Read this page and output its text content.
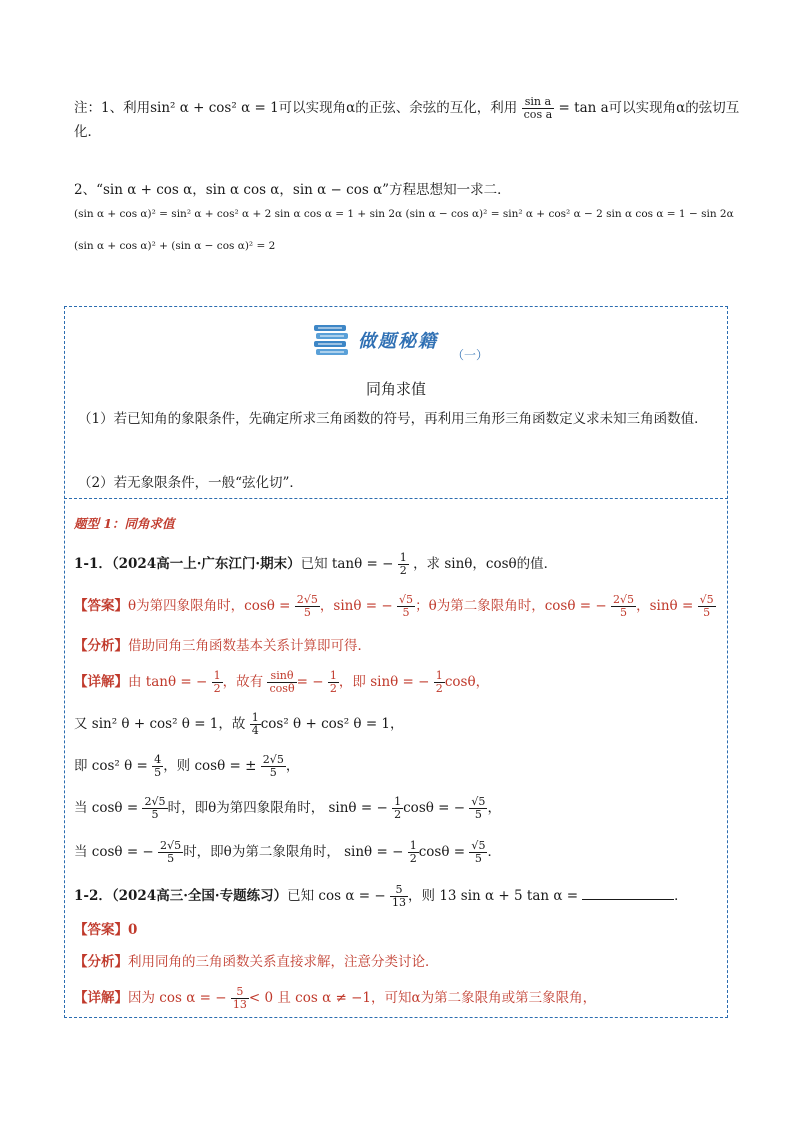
注：1、利用sin² α + cos² α = 1可以实现角α的正弦、余弦的互化，利用 $\frac{\text{sin a}}{\text{cos a}} = \tan a$可以实现角α的弦切互
化．
2、“sin α + cos α，sin α cos α，sin α − cos α”方程思想知一求二．
(sin α + cos α)² = sin² α + cos² α + 2 sin α cos α = 1 + sin 2α (sin α − cos α)² = sin² α + cos² α − 2 sin α cos α = 1 − sin 2α
(sin α + cos α)² + (sin α − cos α)² = 2
做题秘籍
（一）
同角求值
（1）若已知角的象限条件，先确定所求三角函数的符号，再利用三角形三角函数定义求未知三角函数值．
（2）若无象限条件，一般“弦化切”．
题型 1：同角求值
1-1．（2024高一上·广东江门·期末）已知 tanθ = − $\frac{1}{2}$ ，求 sinθ，cosθ的值．
【答案】θ为第四象限角时，$\cos\theta = \frac{2√5}{5}$ ，sinθ = − $\frac{√5}{5}$ ；θ为第二象限角时，cosθ = − $\frac{2√5}{5}$ ，$\sin\theta = \frac{√5}{5}$
【分析】借助同角三角函数基本关系计算即可得．
【详解】由 tanθ = − $\frac{1}{2}$ ，故有 $\frac{\sin\theta}{\cos\theta}$ = − $\frac{1}{2}$ ，即 sinθ = − $\frac{1}{2}$ cosθ，
又 sin² θ + cos² θ = 1，故 $\frac{1}{4} \cos^2$ θ + cos² θ = 1，
即 cos² $\theta = \frac{4}{5}$ ，则 cosθ = ± $\frac{2√5}{5}$ ，
当 $\cos\theta = \frac{2√5}{5}$ 时，即θ为第四象限角时， sinθ = − $\frac{1}{2}$ cosθ = − $\frac{√5}{5}$ ，
当 cosθ = − $\frac{2√5}{5}$ 时，即θ为第二象限角时， sinθ = − $\frac{1}{2}$ $\cos\theta = \frac{√5}{5}$ ．
1-2．（2024高三·全国·专题练习）已知 cos α = − $\frac{5}{13}$ ，则 13 sin α + 5 tan α =	．
【答案】0
【分析】利用同角的三角函数关系直接求解，注意分类讨论．
【详解】因为 cos α = − $\frac{5}{13} < 0$ 且 cos α ≠ −1，可知α为第二象限角或第三象限角，
